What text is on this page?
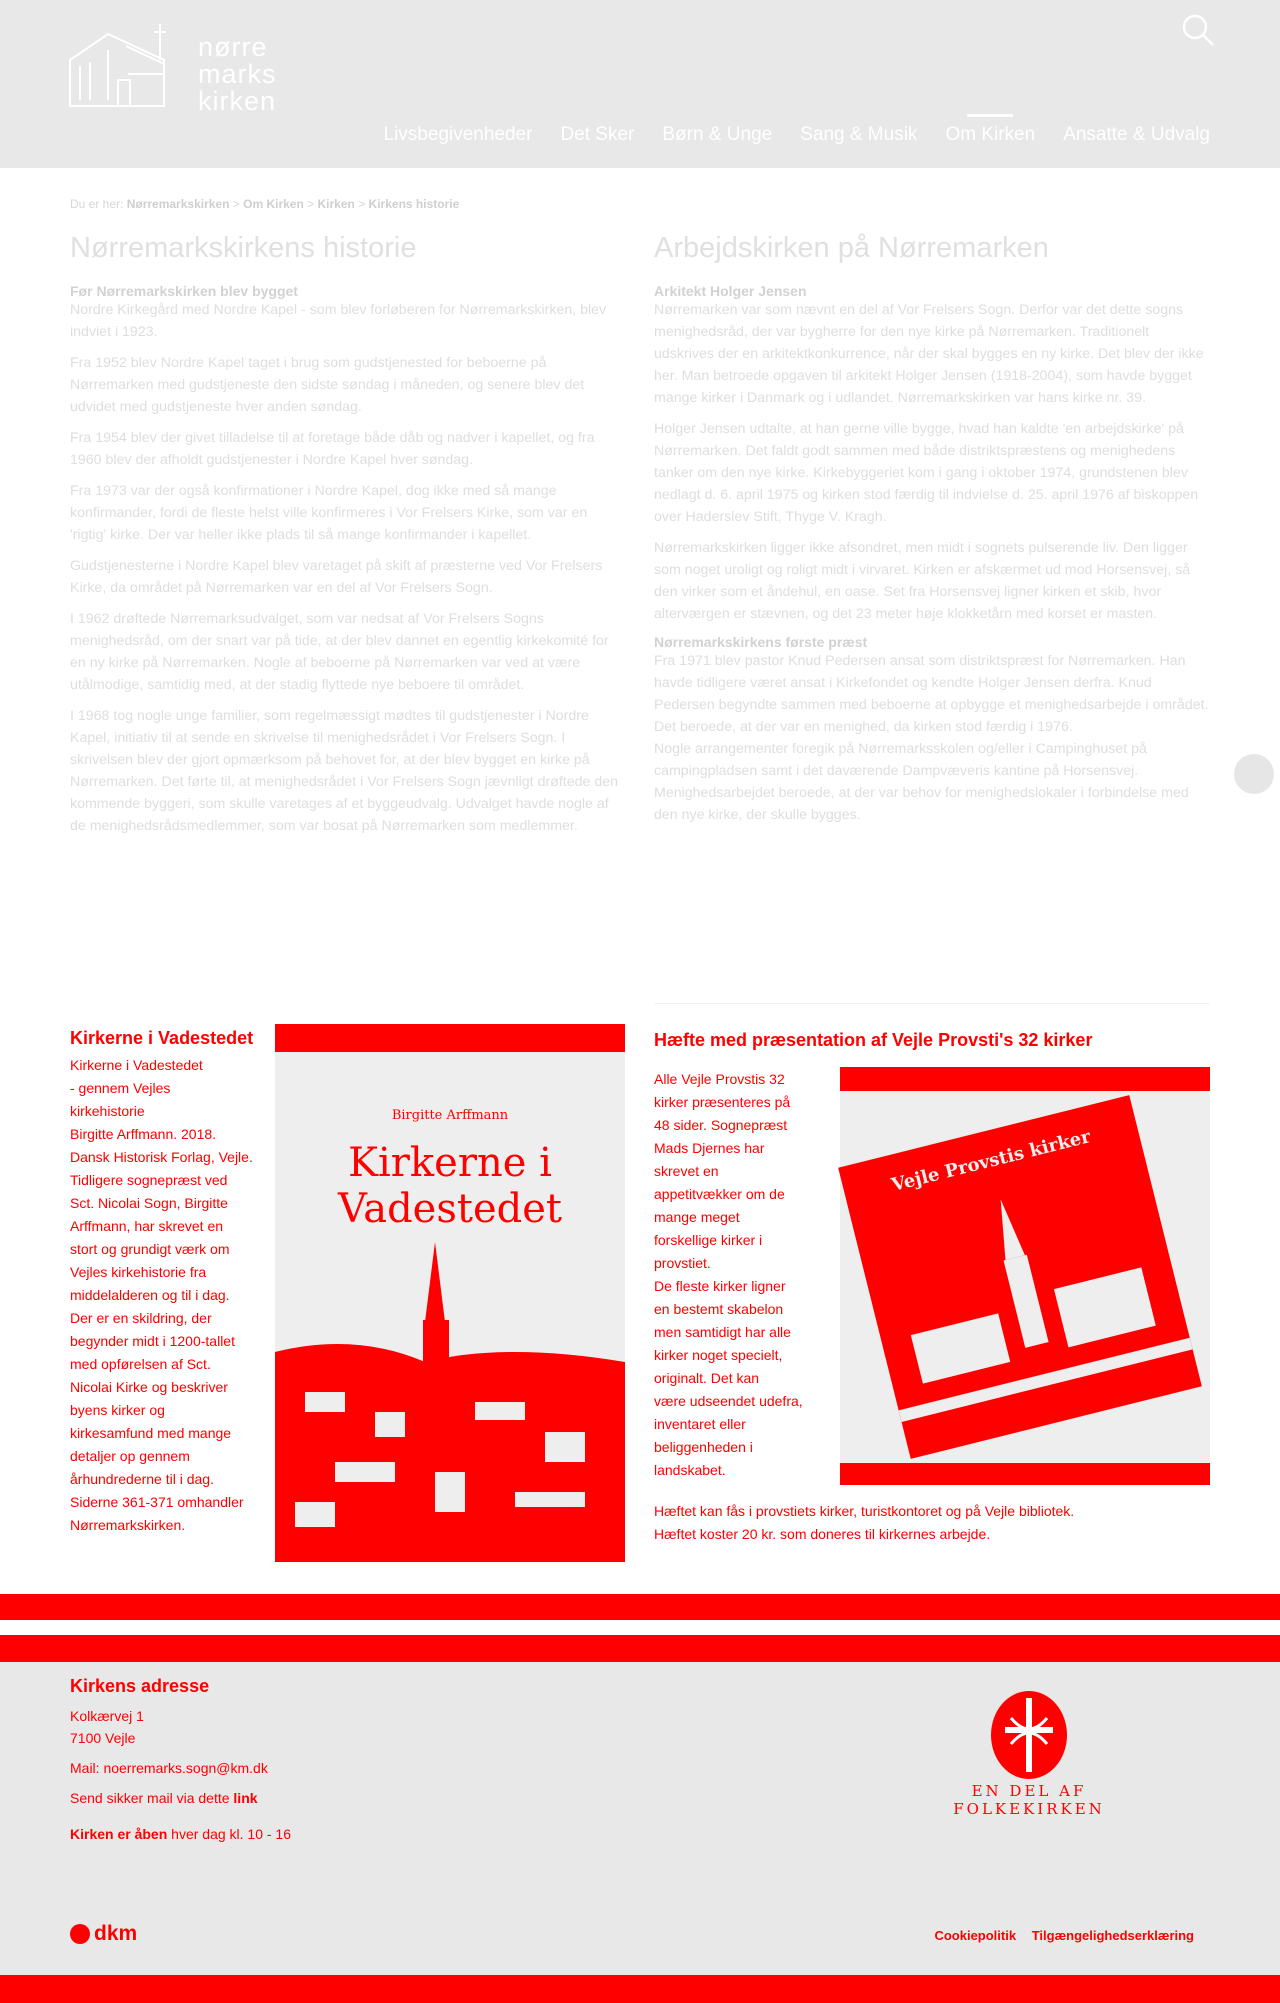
nørre
marks
kirken
Livsbegivenheder Det Sker Børn & Unge Sang & Musik Om Kirken Ansatte & Udvalg
Du er her: Nørremarkskirken > Om Kirken > Kirken > Kirkens historie
Nørremarkskirkens historie
Før Nørremarkskirken blev bygget

Nordre Kirkegård med Nordre Kapel - som blev forløberen for Nørremarkskirken, blev indviet i 1923.

Fra 1952 blev Nordre Kapel taget i brug som gudstjenested for beboerne på Nørremarken med gudstjeneste den sidste søndag i måneden, og senere blev det udvidet med gudstjeneste hver anden søndag.

Fra 1954 blev der givet tilladelse til at foretage både dåb og nadver i kapellet, og fra 1960 blev der afholdt gudstjenester i Nordre Kapel hver søndag.

Fra 1973 var der også konfirmationer i Nordre Kapel, dog ikke med så mange konfirmander, fordi de fleste helst ville konfirmeres i Vor Frelsers Kirke, som var en 'rigtig' kirke. Der var heller ikke plads til så mange konfirmander i kapellet.

Gudstjenesterne i Nordre Kapel blev varetaget på skift af præsterne ved Vor Frelsers Kirke, da området på Nørremarken var en del af Vor Frelsers Sogn.

I 1962 drøftede Nørremarksudvalget, som var nedsat af Vor Frelsers Sogns menighedsråd, om der snart var på tide, at der blev dannet en egentlig kirkekomité for en ny kirke på Nørremarken. Nogle af beboerne på Nørremarken var ved at være utålmodige, samtidig med, at der stadig flyttede nye beboere til området.

I 1968 tog nogle unge familier, som regelmæssigt mødtes til gudstjenester i Nordre Kapel, initiativ til at sende en skrivelse til menighedsrådet i Vor Frelsers Sogn. I skrivelsen blev der gjort opmærksom på behovet for, at der blev bygget en kirke på Nørremarken. Det førte til, at menighedsrådet i Vor Frelsers Sogn jævnligt drøftede den kommende byggeri, som skulle varetages af et byggeudvalg. Udvalget havde nogle af de menighedsrådsmedlemmer, som var bosat på Nørremarken som medlemmer.

Arbejdskirken på Nørremarken
Arkitekt Holger Jensen

Nørremarken var som nævnt en del af Vor Frelsers Sogn. Derfor var det dette sogns menighedsråd, der var bygherre for den nye kirke på Nørremarken. Traditionelt udskrives der en arkitektkonkurrence, når der skal bygges en ny kirke. Det blev der ikke her. Man betroede opgaven til arkitekt Holger Jensen (1918-2004), som havde bygget mange kirker i Danmark og i udlandet. Nørremarkskirken var hans kirke nr. 39.

Holger Jensen udtalte, at han gerne ville bygge, hvad han kaldte 'en arbejdskirke' på Nørremarken. Det faldt godt sammen med både distriktspræstens og menighedens tanker om den nye kirke. Kirkebyggeriet kom i gang i oktober 1974, grundstenen blev nedlagt d. 6. april 1975 og kirken stod færdig til indvielse d. 25. april 1976 af biskoppen over Haderslev Stift, Thyge V. Kragh.

Nørremarkskirken ligger ikke afsondret, men midt i sognets pulserende liv. Den ligger som noget uroligt og roligt midt i virvaret. Kirken er afskærmet ud mod Horsensvej, så den virker som et åndehul, en oase. Set fra Horsensvej ligner kirken et skib, hvor alterværgen er stævnen, og det 23 meter høje klokketårn med korset er masten.

Nørremarkskirkens første præst

Fra 1971 blev pastor Knud Pedersen ansat som distriktspræst for Nørremarken. Han havde tidligere været ansat i Kirkefondet og kendte Holger Jensen derfra. Knud Pedersen begyndte sammen med beboerne at opbygge et menighedsarbejde i området.

Det beroede, at der var en menighed, da kirken stod færdig i 1976.

Nogle arrangementer foregik på Nørremarksskolen og/eller i Campinghuset på campingpladsen samt i det daværende Dampvæveris kantine på Horsensvej. Menighedsarbejdet beroede, at der var behov for menighedslokaler i forbindelse med den nye kirke, der skulle bygges.

Kirkerne i Vadestedet
Kirkerne i Vadestedet
- gennem Vejles
kirkehistorie
Birgitte Arffmann. 2018.
Dansk Historisk Forlag, Vejle.
Tidligere sognepræst ved
Sct. Nicolai Sogn, Birgitte
Arffmann, har skrevet en
stort og grundigt værk om
Vejles kirkehistorie fra
middelalderen og til i dag.
Der er en skildring, der
begynder midt i 1200-tallet
med opførelsen af Sct.
Nicolai Kirke og beskriver
byens kirker og
kirkesamfund med mange
detaljer op gennem
århundrederne til i dag.
Siderne 361-371 omhandler
Nørremarkskirken.
Birgitte Arffmann
Kirkerne i
Vadestedet
Hæfte med præsentation af Vejle Provsti's 32 kirker
Alle Vejle Provstis 32
kirker præsenteres på
48 sider. Sognepræst
Mads Djernes har
skrevet en
appetitvækker om de
mange meget
forskellige kirker i
provstiet.
De fleste kirker ligner
en bestemt skabelon
men samtidigt har alle
kirker noget specielt,
originalt. Det kan
være udseendet udefra,
inventaret eller
beliggenheden i
landskabet.
Hæftet kan fås i provstiets kirker, turistkontoret og på Vejle bibliotek.
Hæftet koster 20 kr. som doneres til kirkernes arbejde.
Vejle Provstis kirker
Kirkens adresse
Kolkærvej 1
7100 Vejle
Mail: noerremarks.sogn@km.dk
Send sikker mail via dette link
Kirken er åben hver dag kl. 10 - 16
EN DEL AF FOLKEKIRKEN
dkm	Cookiepolitik Tilgængelighedserklæring
